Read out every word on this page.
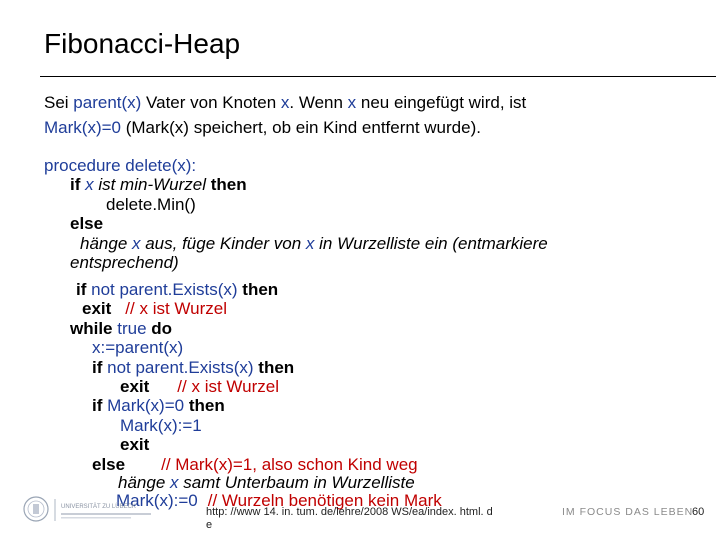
Fibonacci-Heap
Sei parent(x) Vater von Knoten x. Wenn x neu eingefügt wird, ist
Mark(x)=0 (Mark(x) speichert, ob ein Kind entfernt wurde).
procedure delete(x):
if x ist min-Wurzel then
delete.Min()
else
hänge x aus, füge Kinder von x in Wurzelliste ein (entmarkiere
entsprechend)
if not parent.Exists(x) then
exit // x ist Wurzel
while true do
x:=parent(x)
if not parent.Exists(x) then
exit // x ist Wurzel
if Mark(x)=0 then
Mark(x):=1
exit
else // Mark(x)=1, also schon Kind weg
hänge x samt Unterbaum in Wurzelliste
Mark(x):=0 // Wurzeln benötigen kein Mark
UNIVERSITÄT ZU LÜBECK	http: //www 14. in. tum. de/lehre/2008 WS/ea/index. html. d
e
IM FOCUS DAS LEBEN
60
